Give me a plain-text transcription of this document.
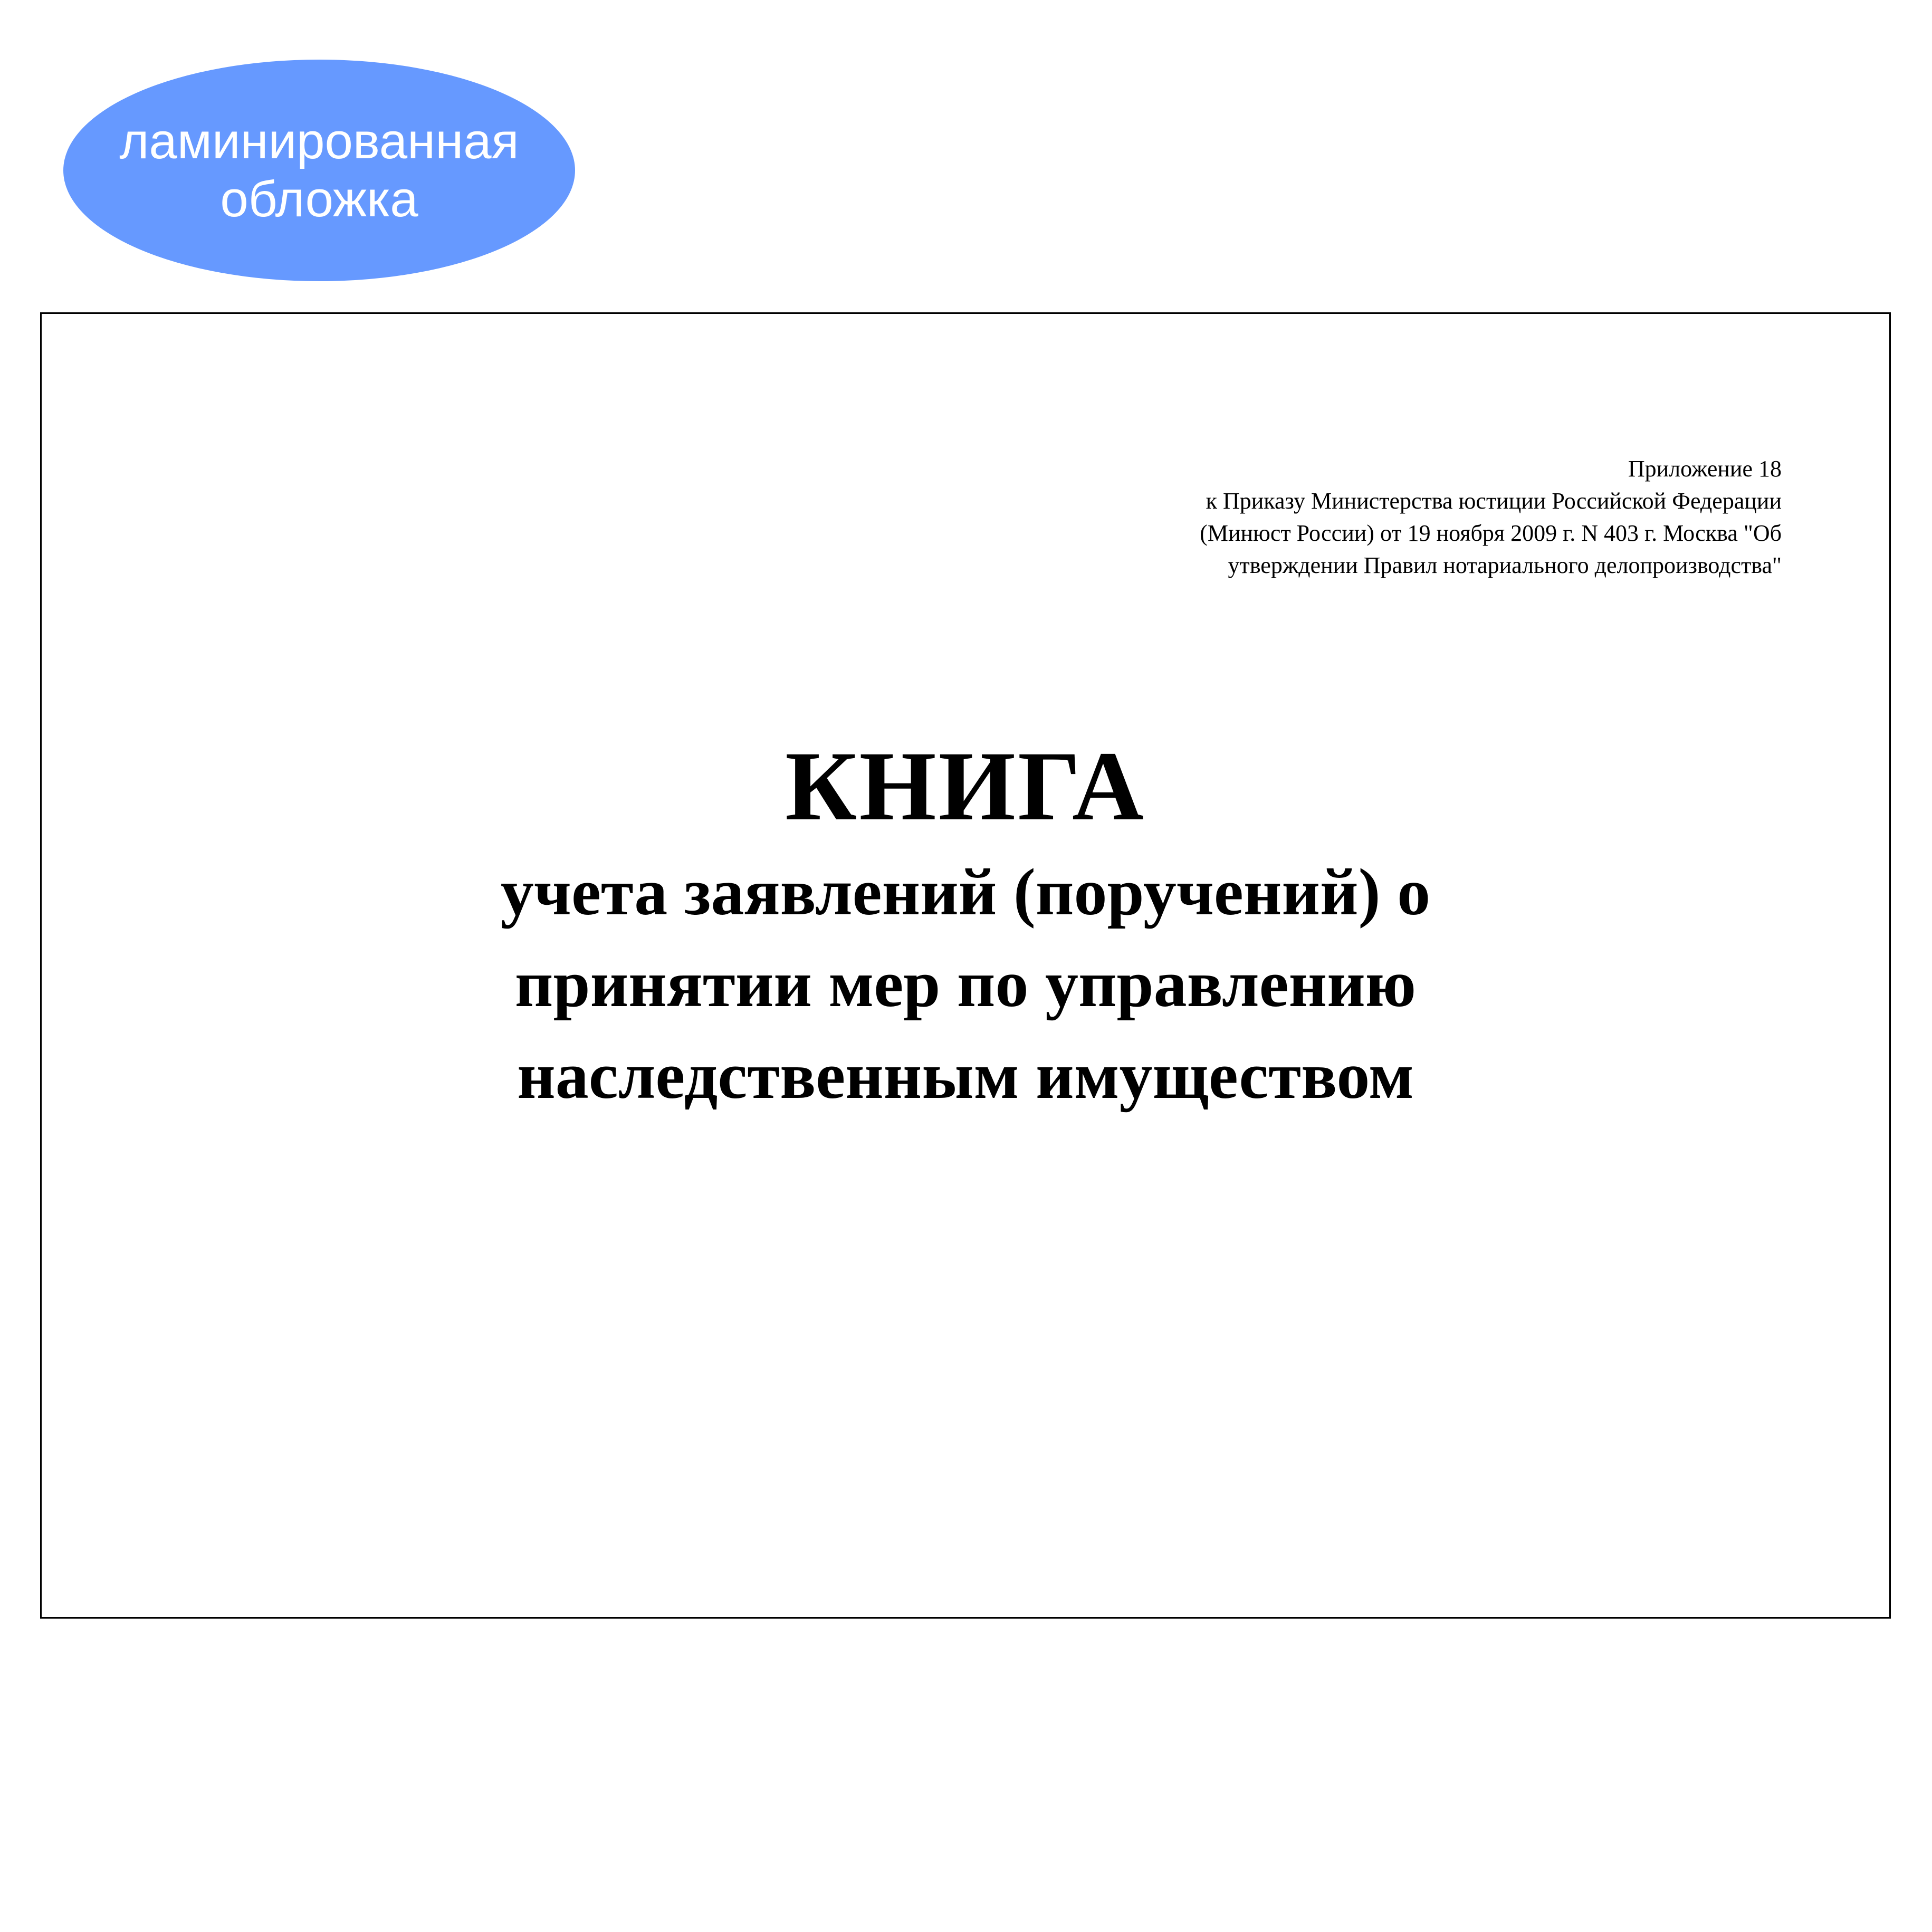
ламинированная
обложка
Приложение 18
к Приказу Министерства юстиции Российской Федерации
(Минюст России) от 19 ноября 2009 г. N 403 г. Москва "Об
утверждении Правил нотариального делопроизводства"
КНИГА
учета заявлений (поручений) о
принятии мер по управлению
наследственным имуществом
